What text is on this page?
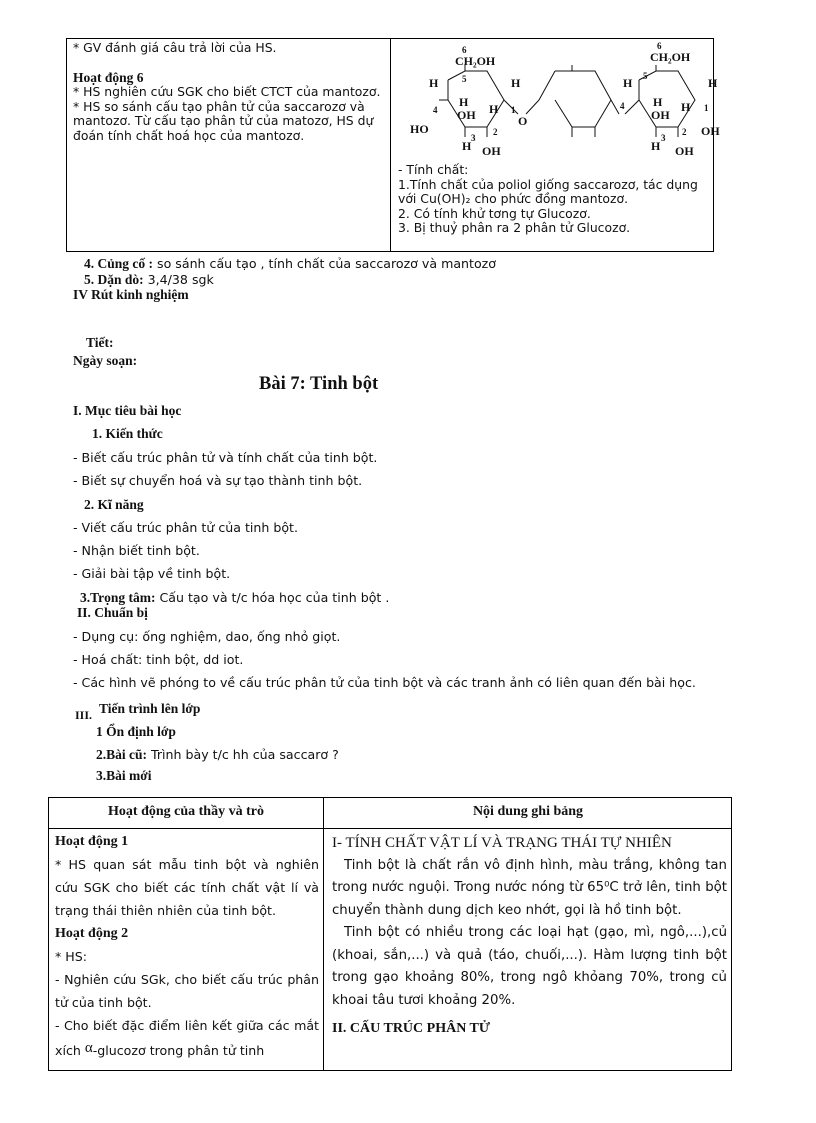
* GV đánh giá câu trả lời của HS.

Hoạt động 6

* HS nghiên cứu SGK cho biết CTCT của mantozơ.

* HS so sánh cấu tạo phân tử của saccarozơ và mantozơ. Từ cấu tạo phân tử của matozơ, HS dự đoán tính chất hoá học của mantozơ.

6
CH₂OH
5
H	H
4
H
OH H 1
HO	2
3
H OH
O
6
CH₂OH
5
H	H
4 H
OH
H 1
2 OH
3
H OH

- Tính chất:

1.Tính chất của poliol giống saccarozơ, tác dụng với Cu(OH)₂ cho phức đồng mantozơ.

2. Có tính khử tơng tự Glucozơ.

3. Bị thuỷ phân ra 2 phân tử Glucozơ.

4. Củng cố : so sánh cấu tạo , tính chất của saccarozơ và mantozơ
5. Dặn dò: 3,4/38 sgk
IV Rút kinh nghiệm
Tiết:
Ngày soạn:
Bài 7: Tinh bột
I. Mục tiêu bài học
1. Kiến thức
- Biết cấu trúc phân tử và tính chất của tinh bột.
- Biết sự chuyển hoá và sự tạo thành tinh bột.
2. Kĩ năng
- Viết cấu trúc phân tử của tinh bột.
- Nhận biết tinh bột.
- Giải bài tập về tinh bột.
3.Trọng tâm: Cấu tạo và t/c hóa học của tinh bột .
II. Chuẩn bị
- Dụng cụ: ống nghiệm, dao, ống nhỏ giọt.
- Hoá chất: tinh bột, dd iot.
- Các hình vẽ phóng to về cấu trúc phân tử của tinh bột và các tranh ảnh có liên quan đến bài học.
III. Tiến trình lên lớp
1 Ổn định lớp
2.Bài cũ: Trình bày t/c hh của saccarơ ?
3.Bài mới
Hoạt động của thầy và trò	Nội dung ghi bảng

Hoạt động 1

* HS quan sát mẫu tinh bột và nghiên cứu SGK cho biết các tính chất vật lí và trạng thái thiên nhiên của tinh bột.

Hoạt động 2

* HS:

- Nghiên cứu SGk, cho biết cấu trúc phân tử của tinh bột.

- Cho biết đặc điểm liên kết giữa các mắt xích α-glucozơ trong phân tử tinh

I- TÍNH CHẤT VẬT LÍ VÀ TRẠNG THÁI TỰ NHIÊN

Tinh bột là chất rắn vô định hình, màu trắng, không tan trong nước nguội. Trong nước nóng từ 65⁰C trở lên, tinh bột chuyển thành dung dịch keo nhớt, gọi là hồ tinh bột.

Tinh bột có nhiều trong các loại hạt (gạo, mì, ngô,...),củ (khoai, sắn,...) và quả (táo, chuối,...). Hàm lượng tinh bột trong gạo khoảng 80%, trong ngô khỏang 70%, trong củ khoai tâu tươi khoảng 20%.

II. CẤU TRÚC PHÂN TỬ
